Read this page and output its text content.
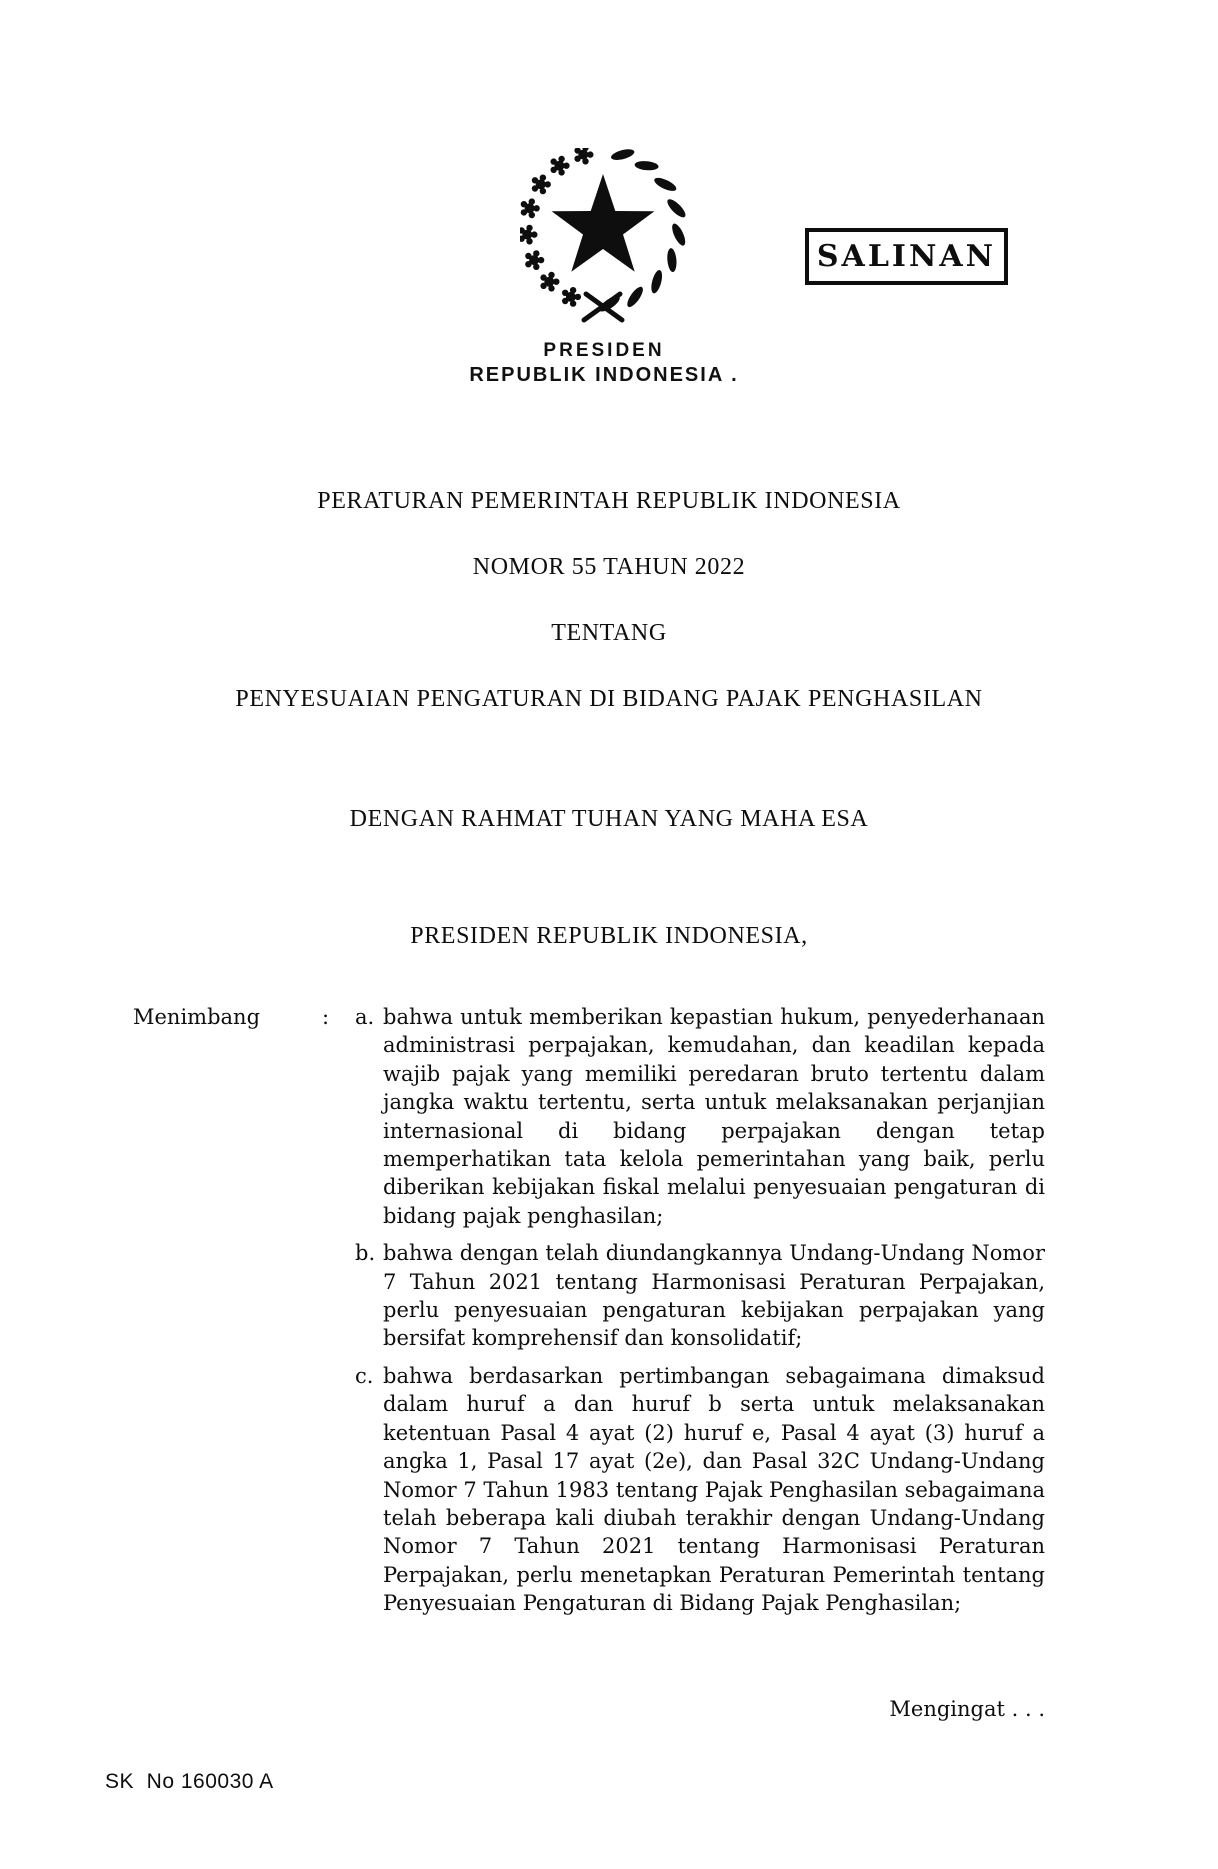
SALINAN
PRESIDEN
REPUBLIK INDONESIA .
PERATURAN PEMERINTAH REPUBLIK INDONESIA
NOMOR 55 TAHUN 2022
TENTANG
PENYESUAIAN PENGATURAN DI BIDANG PAJAK PENGHASILAN
DENGAN RAHMAT TUHAN YANG MAHA ESA
PRESIDEN REPUBLIK INDONESIA,
Menimbang	:	a. bahwa untuk memberikan kepastian hukum, penyederhanaan administrasi perpajakan, kemudahan, dan keadilan kepada wajib pajak yang memiliki peredaran bruto tertentu dalam jangka waktu tertentu, serta untuk melaksanakan perjanjian internasional di bidang perpajakan dengan tetap memperhatikan tata kelola pemerintahan yang baik, perlu diberikan kebijakan fiskal melalui penyesuaian pengaturan di bidang pajak penghasilan;
b. bahwa dengan telah diundangkannya Undang-Undang Nomor 7 Tahun 2021 tentang Harmonisasi Peraturan Perpajakan, perlu penyesuaian pengaturan kebijakan perpajakan yang bersifat komprehensif dan konsolidatif;
c. bahwa berdasarkan pertimbangan sebagaimana dimaksud dalam huruf a dan huruf b serta untuk melaksanakan ketentuan Pasal 4 ayat (2) huruf e, Pasal 4 ayat (3) huruf a angka 1, Pasal 17 ayat (2e), dan Pasal 32C Undang-Undang Nomor 7 Tahun 1983 tentang Pajak Penghasilan sebagaimana telah beberapa kali diubah terakhir dengan Undang-Undang Nomor 7 Tahun 2021 tentang Harmonisasi Peraturan Perpajakan, perlu menetapkan Peraturan Pemerintah tentang Penyesuaian Pengaturan di Bidang Pajak Penghasilan;
Mengingat . . .
SK  No 160030 A
